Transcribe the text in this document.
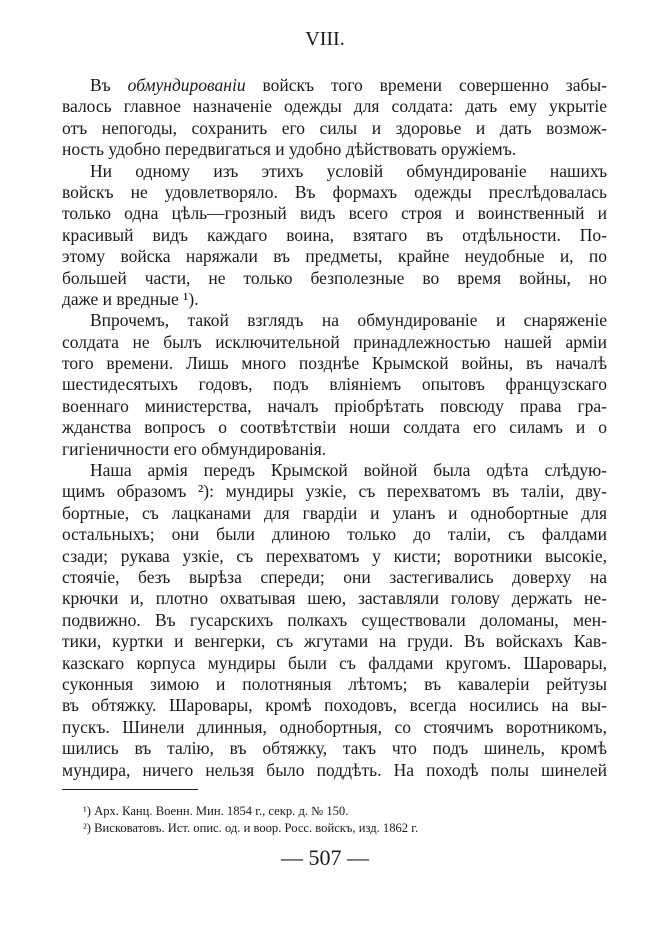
VIII.
Въ обмундированіи войскъ того времени совершенно забы-
валось главное назначеніе одежды для солдата: дать ему укрытіе
отъ непогоды, сохранить его силы и здоровье и дать возмож-
ность удобно передвигаться и удобно дѣйствовать оружіемъ.
Ни одному изъ этихъ условій обмундированіе нашихъ
войскъ не удовлетворяло. Въ формахъ одежды преслѣдовалась
только одна цѣль—грозный видъ всего строя и воинственный и
красивый видъ каждаго воина, взятаго въ отдѣльности. По-
этому войска наряжали въ предметы, крайне неудобные и, по
большей части, не только безполезные во время войны, но
даже и вредные ¹).
Впрочемъ, такой взглядъ на обмундированіе и снаряженіе
солдата не былъ исключительной принадлежностью нашей арміи
того времени. Лишь много позднѣе Крымской войны, въ началѣ
шестидесятыхъ годовъ, подъ вліяніемъ опытовъ французскаго
военнаго министерства, началъ пріобрѣтать повсюду права гра-
жданства вопросъ о соотвѣтствіи ноши солдата его силамъ и о
гигіеничности его обмундированія.
Наша армія передъ Крымской войной была одѣта слѣдую-
щимъ образомъ ²): мундиры узкіе, съ перехватомъ въ таліи, дву-
бортные, съ лацканами для гвардіи и уланъ и однобортные для
остальныхъ; они были длиною только до таліи, съ фалдами
сзади; рукава узкіе, съ перехватомъ у кисти; воротники высокіе,
стоячіе, безъ вырѣза спереди; они застегивались доверху на
крючки и, плотно охватывая шею, заставляли голову держать не-
подвижно. Въ гусарскихъ полкахъ существовали доломаны, мен-
тики, куртки и венгерки, съ жгутами на груди. Въ войскахъ Кав-
казскаго корпуса мундиры были съ фалдами кругомъ. Шаровары,
суконныя зимою и полотняныя лѣтомъ; въ кавалеріи рейтузы
въ обтяжку. Шаровары, кромѣ походовъ, всегда носились на вы-
пускъ. Шинели длинныя, однобортныя, со стоячимъ воротникомъ,
шились въ талію, въ обтяжку, такъ что подъ шинель, кромѣ
мундира, ничего нельзя было поддѣть. На походѣ полы шинелей
¹) Арх. Канц. Военн. Мин. 1854 г., секр. д. № 150.
²) Висковатовъ. Ист. опис. од. и воор. Росс. войскъ, изд. 1862 г.
— 507 —
